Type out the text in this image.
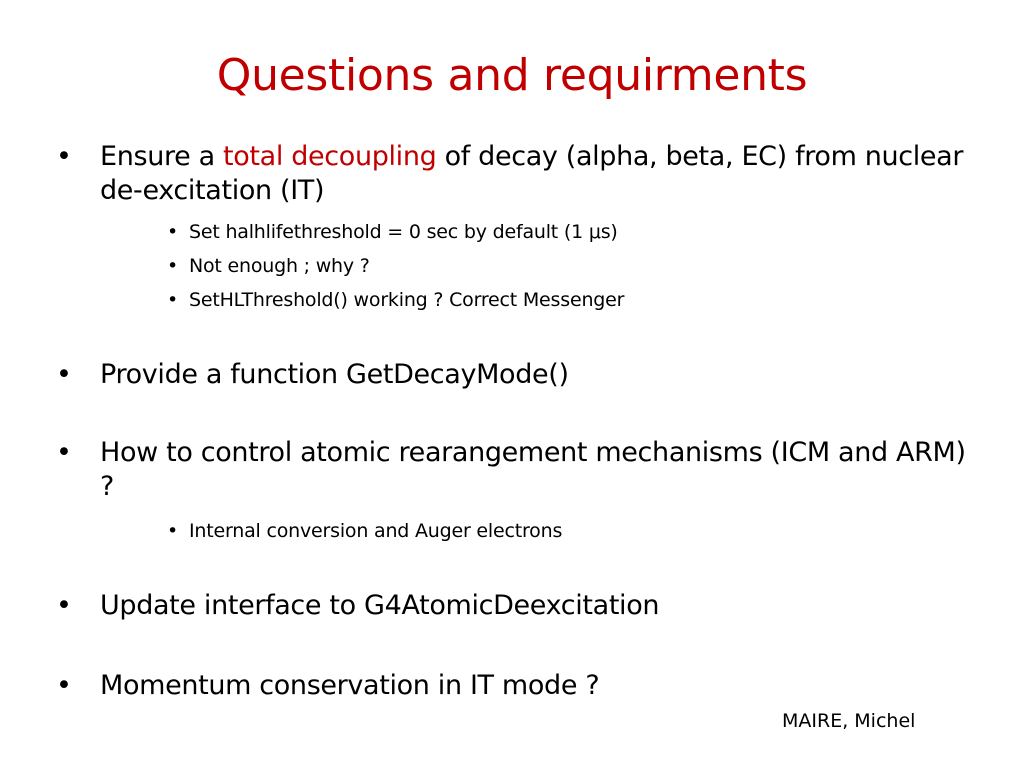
Questions and requirments
• Ensure a total decoupling of decay (alpha, beta, EC) from nuclear de-excitation (IT)
• Set halhlifethreshold = 0 sec by default (1 μs)
• Not enough ; why ?
• SetHLThreshold() working ? Correct Messenger
• Provide a function GetDecayMode()
• How to control atomic rearangement mechanisms (ICM and ARM) ?
• Internal conversion and Auger electrons
• Update interface to G4AtomicDeexcitation
• Momentum conservation in IT mode ?
MAIRE, Michel
